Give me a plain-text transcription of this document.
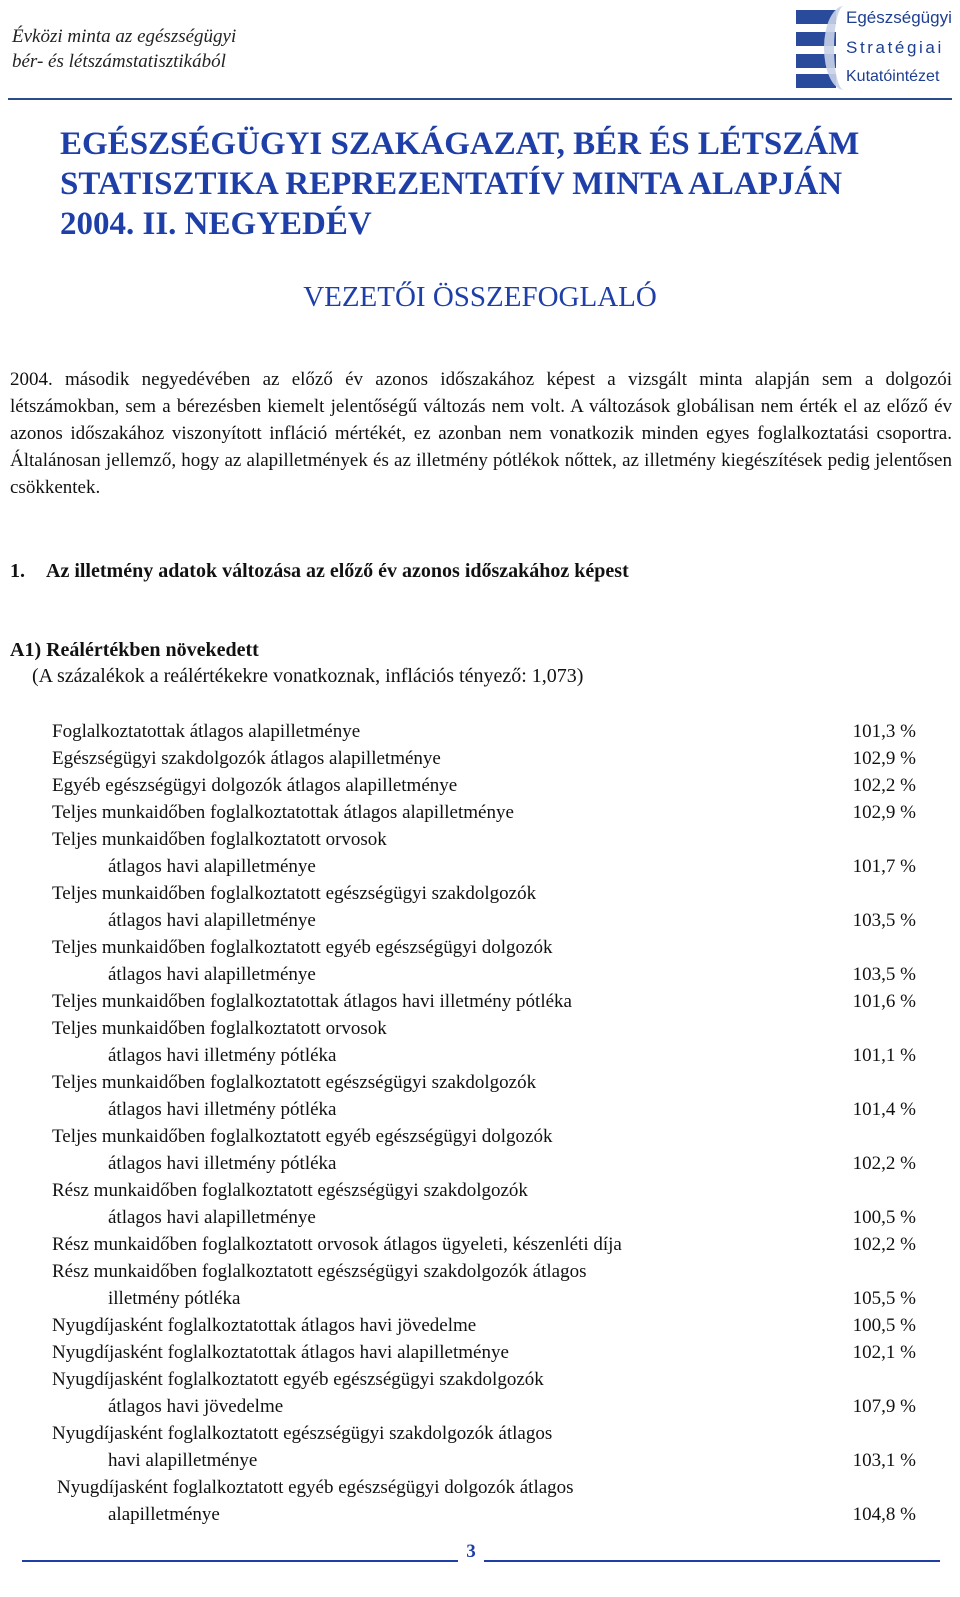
Évközi minta az egészségügyi
bér- és létszámstatisztikából
Egészségügyi
Stratégiai
Kutatóintézet
EGÉSZSÉGÜGYI SZAKÁGAZAT, BÉR ÉS LÉTSZÁM
STATISZTIKA REPREZENTATÍV MINTA ALAPJÁN
2004. II. NEGYEDÉV
VEZETŐI ÖSSZEFOGLALÓ

2004. második negyedévében az előző év azonos időszakához képest a vizsgált minta alapján sem a dolgozói létszámokban, sem a bérezésben kiemelt jelentőségű változás nem volt. A változások globálisan nem érték el az előző év azonos időszakához viszonyított infláció mértékét, ez azonban nem vonatkozik minden egyes foglalkoztatási csoportra. Általánosan jellemző, hogy az alapilletmények és az illetmény pótlékok nőttek, az illetmény kiegészítések pedig jelentősen csökkentek.

1. Az illetmény adatok változása az előző év azonos időszakához képest
A1) Reálértékben növekedett
(A százalékok a reálértékekre vonatkoznak, inflációs tényező: 1,073)
Foglalkoztatottak átlagos alapilletménye	101,3 %
Egészségügyi szakdolgozók átlagos alapilletménye	102,9 %
Egyéb egészségügyi dolgozók átlagos alapilletménye	102,2 %
Teljes munkaidőben foglalkoztatottak átlagos alapilletménye	102,9 %
Teljes munkaidőben foglalkoztatott orvosok
átlagos havi alapilletménye	101,7 %
Teljes munkaidőben foglalkoztatott egészségügyi szakdolgozók
átlagos havi alapilletménye	103,5 %
Teljes munkaidőben foglalkoztatott egyéb egészségügyi dolgozók
átlagos havi alapilletménye	103,5 %
Teljes munkaidőben foglalkoztatottak átlagos havi illetmény pótléka	101,6 %
Teljes munkaidőben foglalkoztatott orvosok
átlagos havi illetmény pótléka	101,1 %
Teljes munkaidőben foglalkoztatott egészségügyi szakdolgozók
átlagos havi illetmény pótléka	101,4 %
Teljes munkaidőben foglalkoztatott egyéb egészségügyi dolgozók
átlagos havi illetmény pótléka	102,2 %
Rész munkaidőben foglalkoztatott egészségügyi szakdolgozók
átlagos havi alapilletménye	100,5 %
Rész munkaidőben foglalkoztatott orvosok átlagos ügyeleti, készenléti díja	102,2 %
Rész munkaidőben foglalkoztatott egészségügyi szakdolgozók átlagos
illetmény pótléka	105,5 %
Nyugdíjasként foglalkoztatottak átlagos havi jövedelme	100,5 %
Nyugdíjasként foglalkoztatottak átlagos havi alapilletménye	102,1 %
Nyugdíjasként foglalkoztatott egyéb egészségügyi szakdolgozók
átlagos havi jövedelme	107,9 %
Nyugdíjasként foglalkoztatott egészségügyi szakdolgozók átlagos
havi alapilletménye	103,1 %
Nyugdíjasként foglalkoztatott egyéb egészségügyi dolgozók átlagos
alapilletménye	104,8 %
3
